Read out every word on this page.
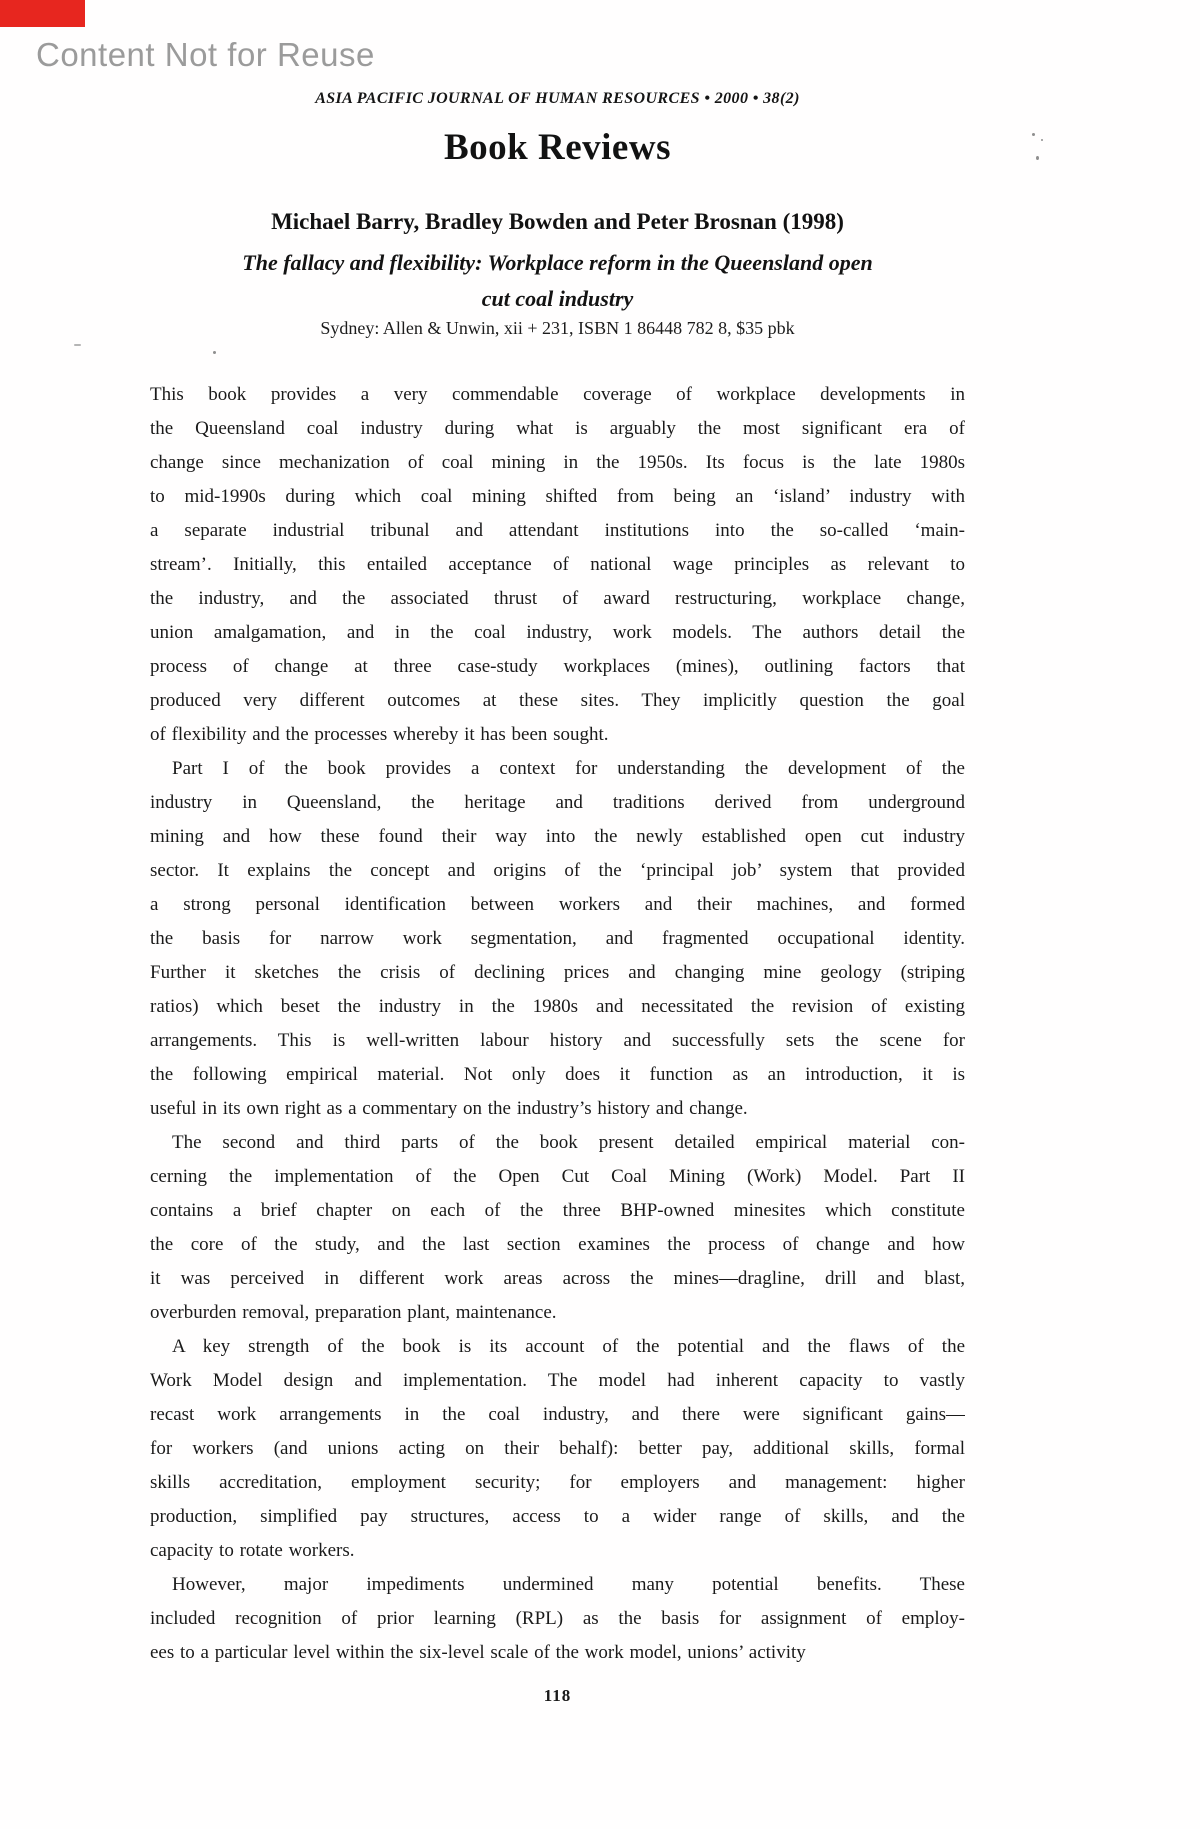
Content Not for Reuse
ASIA PACIFIC JOURNAL OF HUMAN RESOURCES • 2000 • 38(2)
Book Reviews
Michael Barry, Bradley Bowden and Peter Brosnan (1998)
The fallacy and flexibility: Workplace reform in the Queensland open
cut coal industry
Sydney: Allen & Unwin, xii + 231, ISBN 1 86448 782 8, $35 pbk
This book provides a very commendable coverage of workplace developments in
the Queensland coal industry during what is arguably the most significant era of
change since mechanization of coal mining in the 1950s. Its focus is the late 1980s
to mid-1990s during which coal mining shifted from being an ‘island’ industry with
a separate industrial tribunal and attendant institutions into the so-called ‘main-
stream’. Initially, this entailed acceptance of national wage principles as relevant to
the industry, and the associated thrust of award restructuring, workplace change,
union amalgamation, and in the coal industry, work models. The authors detail the
process of change at three case-study workplaces (mines), outlining factors that
produced very different outcomes at these sites. They implicitly question the goal
of flexibility and the processes whereby it has been sought.
Part I of the book provides a context for understanding the development of the
industry in Queensland, the heritage and traditions derived from underground
mining and how these found their way into the newly established open cut industry
sector. It explains the concept and origins of the ‘principal job’ system that provided
a strong personal identification between workers and their machines, and formed
the basis for narrow work segmentation, and fragmented occupational identity.
Further it sketches the crisis of declining prices and changing mine geology (striping
ratios) which beset the industry in the 1980s and necessitated the revision of existing
arrangements. This is well-written labour history and successfully sets the scene for
the following empirical material. Not only does it function as an introduction, it is
useful in its own right as a commentary on the industry’s history and change.
The second and third parts of the book present detailed empirical material con-
cerning the implementation of the Open Cut Coal Mining (Work) Model. Part II
contains a brief chapter on each of the three BHP-owned minesites which constitute
the core of the study, and the last section examines the process of change and how
it was perceived in different work areas across the mines—dragline, drill and blast,
overburden removal, preparation plant, maintenance.
A key strength of the book is its account of the potential and the flaws of the
Work Model design and implementation. The model had inherent capacity to vastly
recast work arrangements in the coal industry, and there were significant gains—
for workers (and unions acting on their behalf): better pay, additional skills, formal
skills accreditation, employment security; for employers and management: higher
production, simplified pay structures, access to a wider range of skills, and the
capacity to rotate workers.
However, major impediments undermined many potential benefits. These
included recognition of prior learning (RPL) as the basis for assignment of employ-
ees to a particular level within the six-level scale of the work model, unions’ activity
118
